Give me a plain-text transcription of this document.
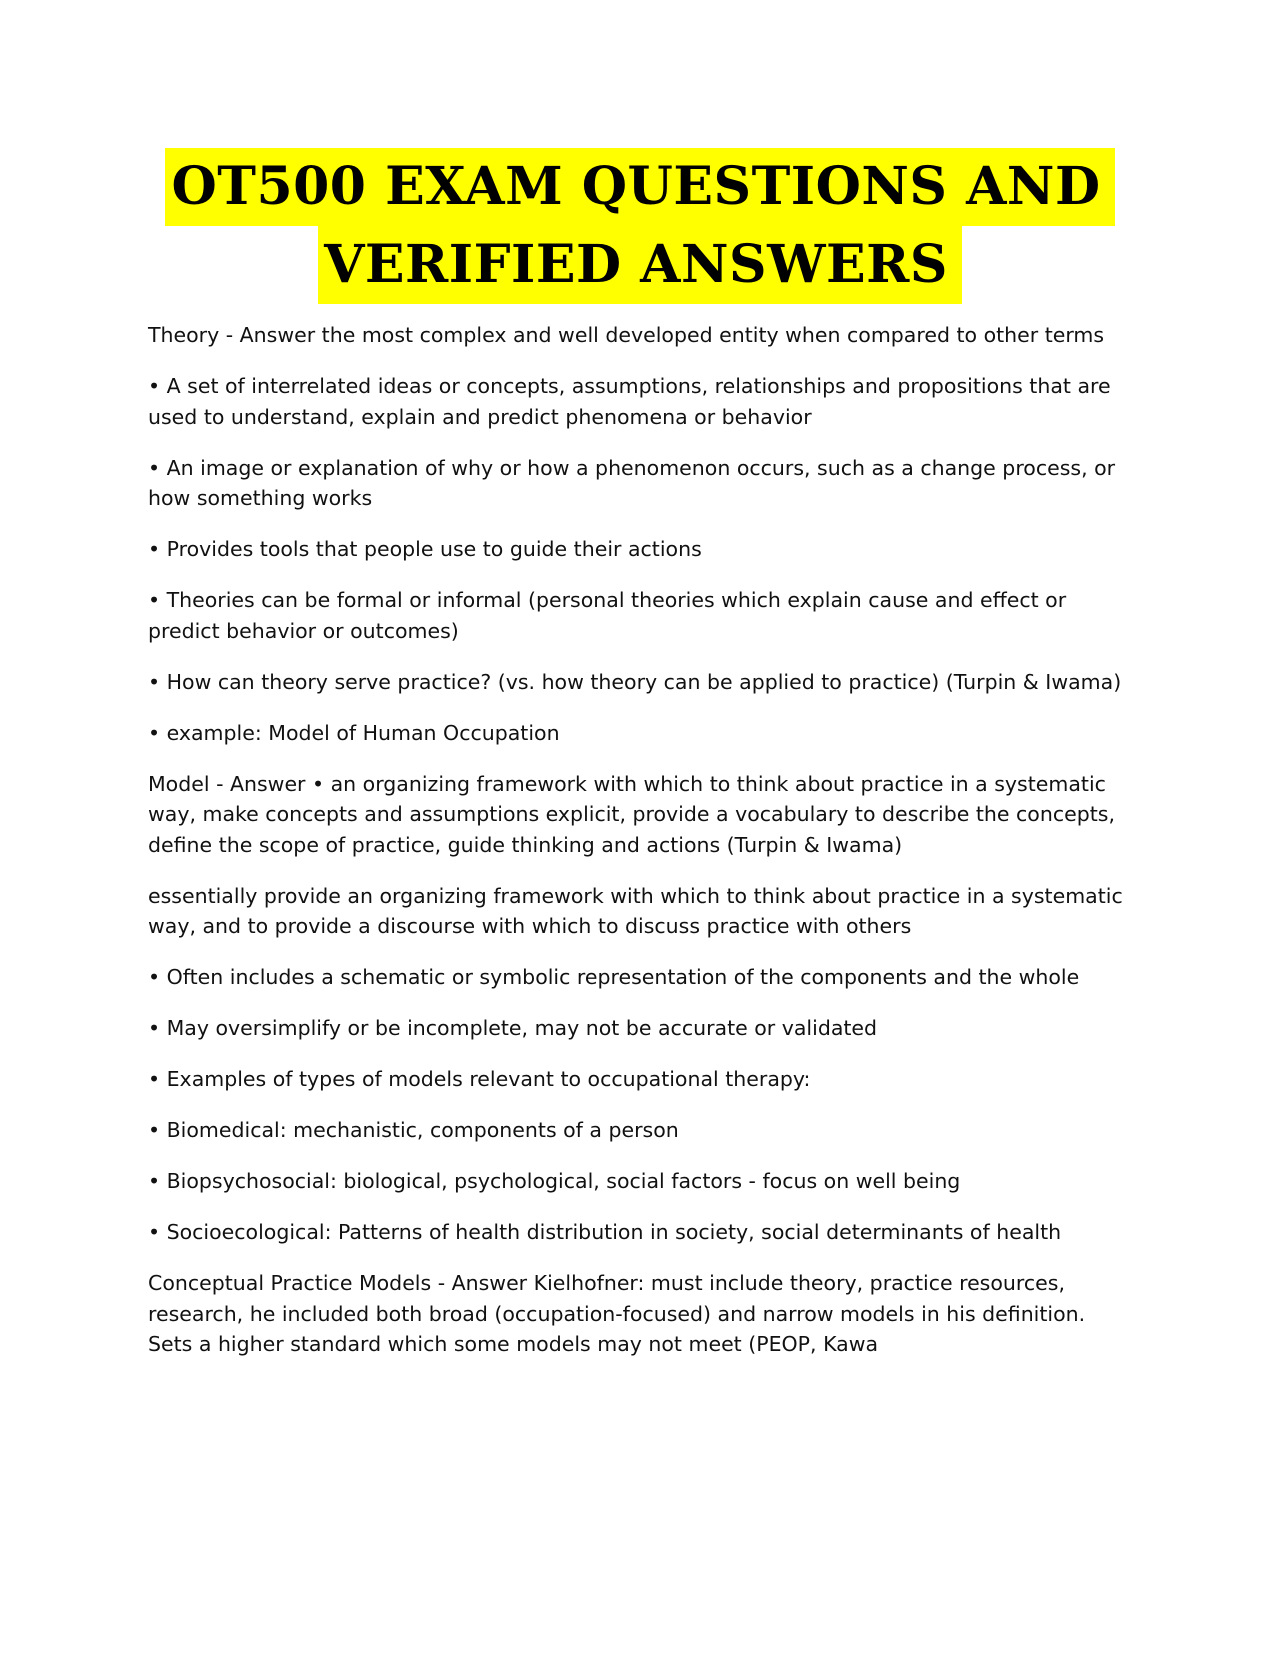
OT500 EXAM QUESTIONS AND
VERIFIED ANSWERS

Theory - Answer the most complex and well developed entity when compared to other terms

• A set of interrelated ideas or concepts, assumptions, relationships and propositions that are used to understand, explain and predict phenomena or behavior

• An image or explanation of why or how a phenomenon occurs, such as a change process, or how something works

• Provides tools that people use to guide their actions

• Theories can be formal or informal (personal theories which explain cause and effect or predict behavior or outcomes)

• How can theory serve practice? (vs. how theory can be applied to practice) (Turpin & Iwama)

• example: Model of Human Occupation

Model - Answer • an organizing framework with which to think about practice in a systematic way, make concepts and assumptions explicit, provide a vocabulary to describe the concepts, define the scope of practice, guide thinking and actions (Turpin & Iwama)

essentially provide an organizing framework with which to think about practice in a systematic way, and to provide a discourse with which to discuss practice with others

• Often includes a schematic or symbolic representation of the components and the whole

• May oversimplify or be incomplete, may not be accurate or validated

• Examples of types of models relevant to occupational therapy:

• Biomedical: mechanistic, components of a person

• Biopsychosocial: biological, psychological, social factors - focus on well being

• Socioecological: Patterns of health distribution in society, social determinants of health

Conceptual Practice Models - Answer Kielhofner: must include theory, practice resources, research, he included both broad (occupation-focused) and narrow models in his definition. Sets a higher standard which some models may not meet (PEOP, Kawa
